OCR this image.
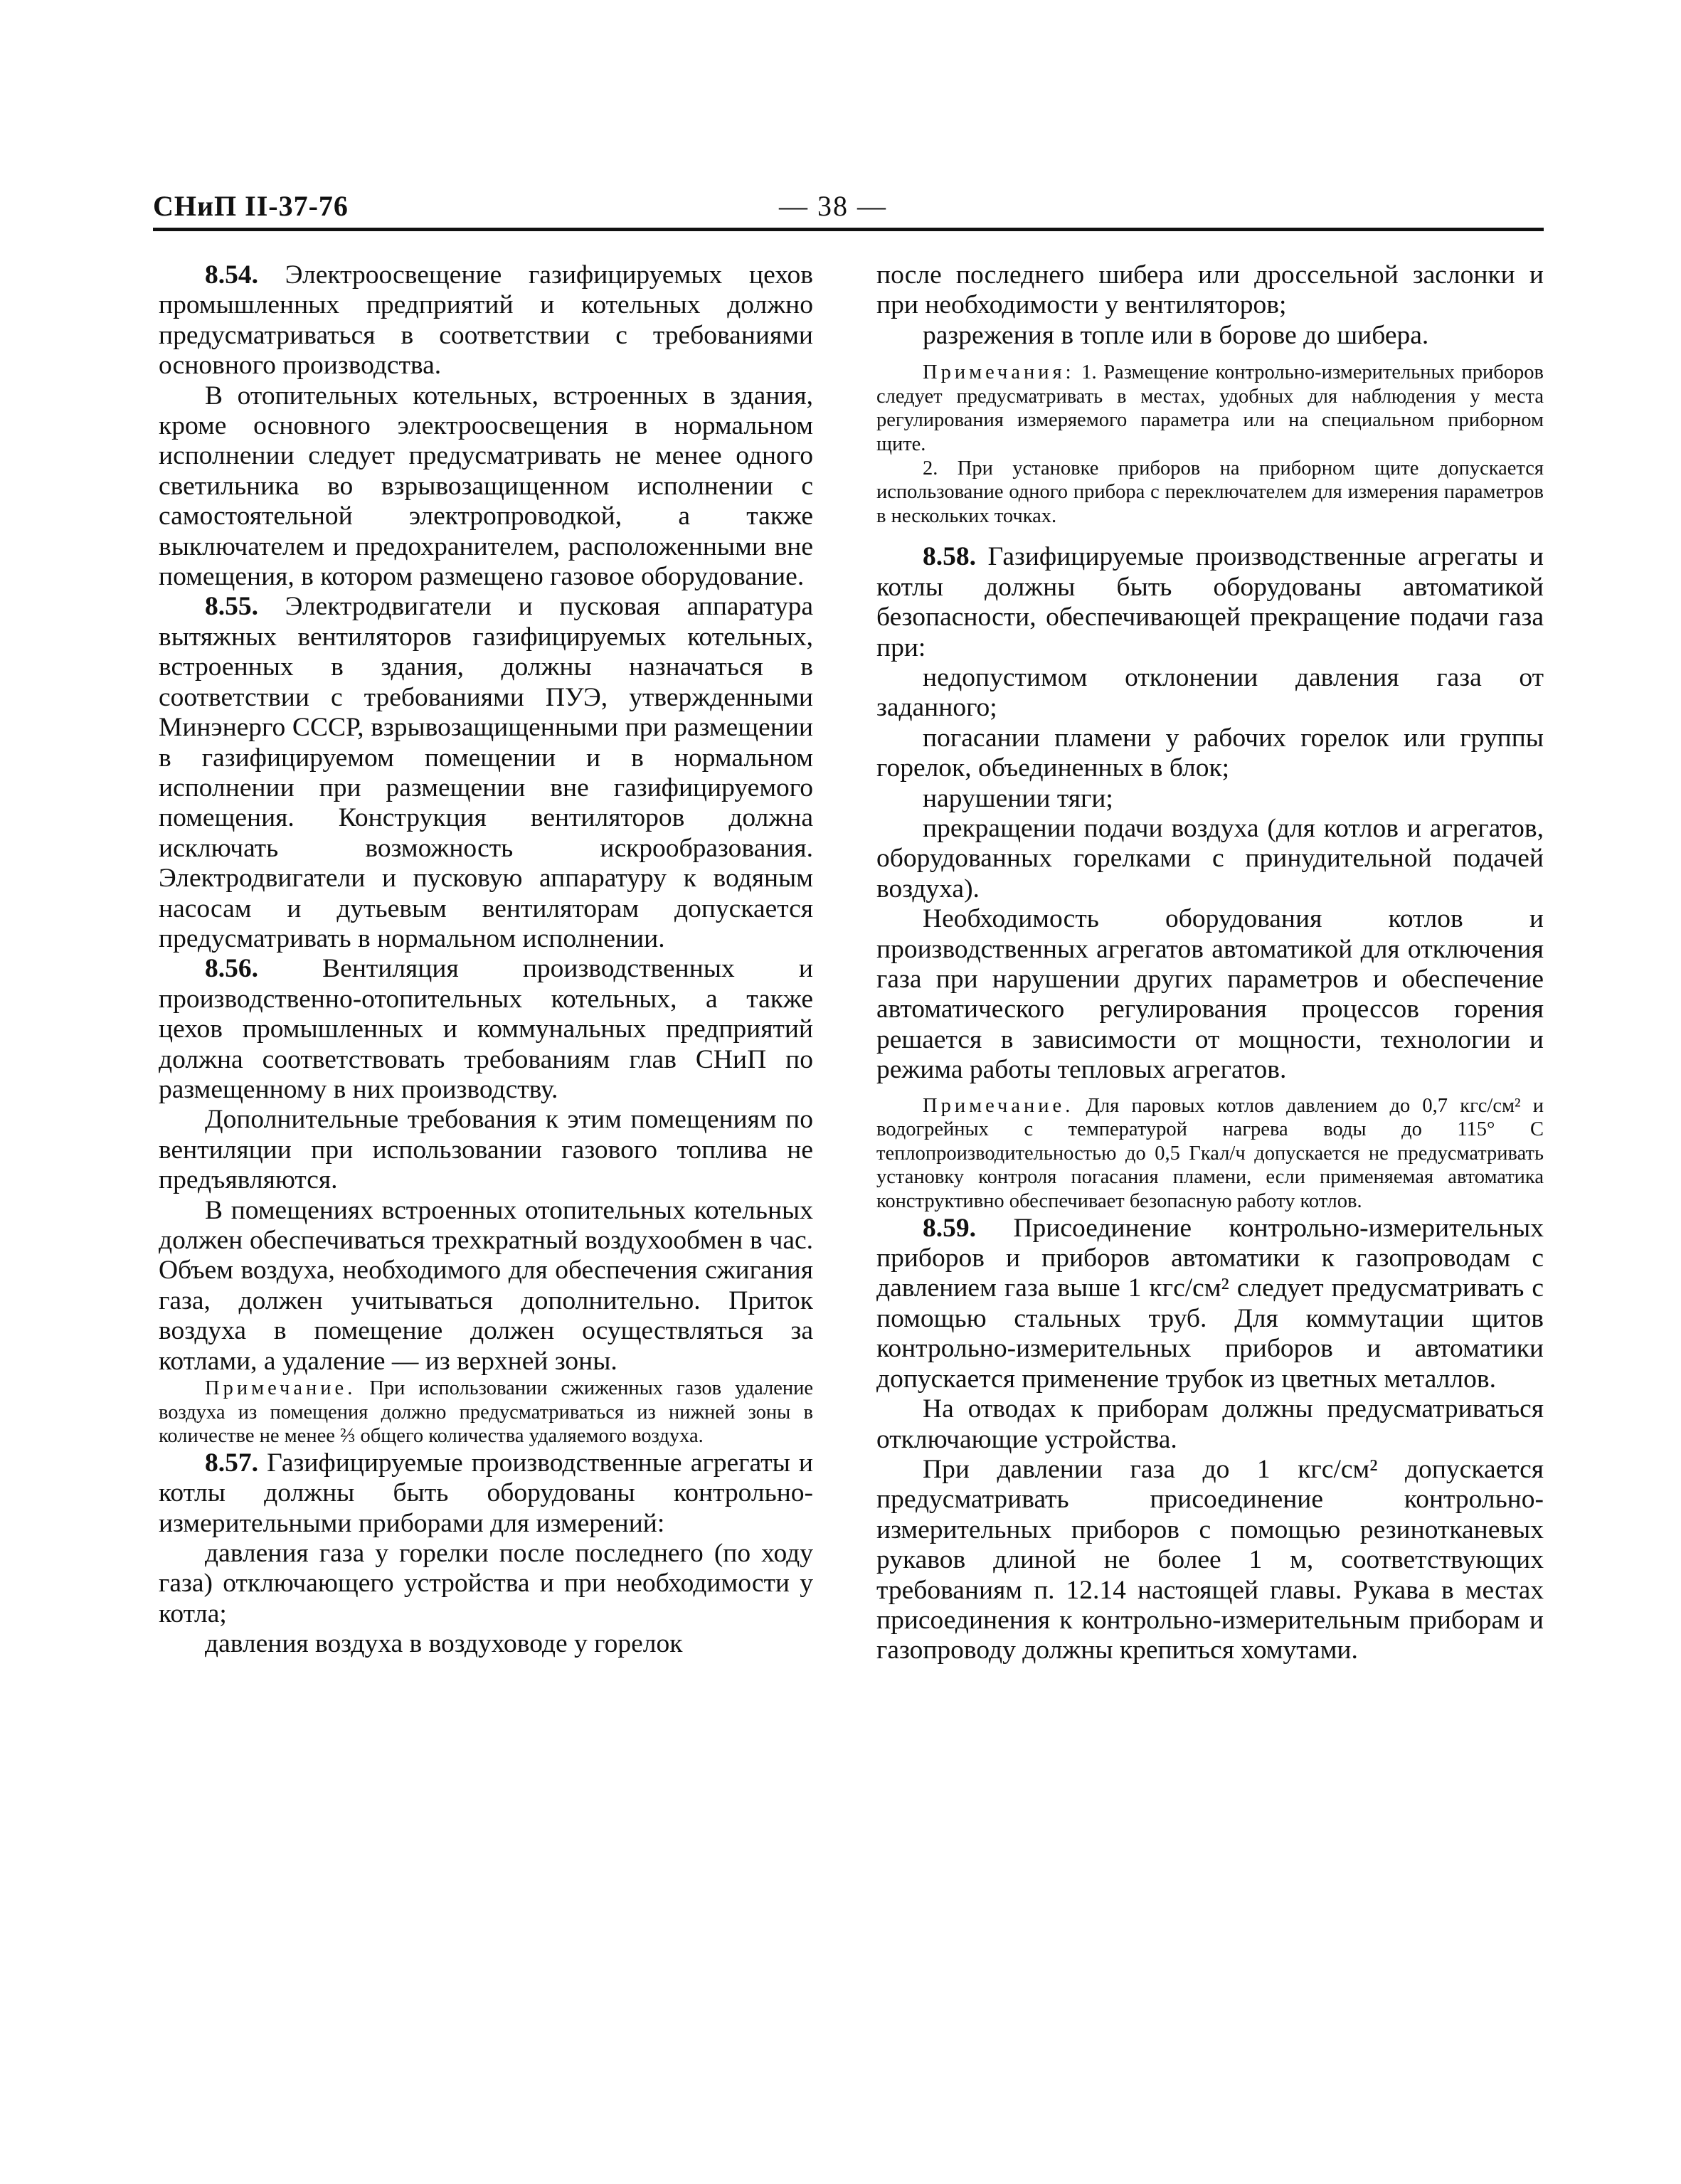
СНиП II-37-76	— 38 —

8.54. Электроосвещение газифицируемых цехов промышленных предприятий и котельных должно предусматриваться в соответствии с требованиями основного производства.

В отопительных котельных, встроенных в здания, кроме основного электроосвещения в нормальном исполнении следует предусматривать не менее одного светильника во взрывозащищенном исполнении с самостоятельной электропроводкой, а также выключателем и предохранителем, расположенными вне помещения, в котором размещено газовое оборудование.

8.55. Электродвигатели и пусковая аппаратура вытяжных вентиляторов газифицируемых котельных, встроенных в здания, должны назначаться в соответствии с требованиями ПУЭ, утвержденными Минэнерго СССР, взрывозащищенными при размещении в газифицируемом помещении и в нормальном исполнении при размещении вне газифицируемого помещения. Конструкция вентиляторов должна исключать возможность искрообразования. Электродвигатели и пусковую аппаратуру к водяным насосам и дутьевым вентиляторам допускается предусматривать в нормальном исполнении.

8.56. Вентиляция производственных и производственно-отопительных котельных, а также цехов промышленных и коммунальных предприятий должна соответствовать требованиям глав СНиП по размещенному в них производству.

Дополнительные требования к этим помещениям по вентиляции при использовании газового топлива не предъявляются.

В помещениях встроенных отопительных котельных должен обеспечиваться трехкратный воздухообмен в час. Объем воздуха, необходимого для обеспечения сжигания газа, должен учитываться дополнительно. Приток воздуха в помещение должен осуществляться за котлами, а удаление — из верхней зоны.

Примечание. При использовании сжиженных газов удаление воздуха из помещения должно предусматриваться из нижней зоны в количестве не менее ⅔ общего количества удаляемого воздуха.

8.57. Газифицируемые производственные агрегаты и котлы должны быть оборудованы контрольно-измерительными приборами для измерений:

давления газа у горелки после последнего (по ходу газа) отключающего устройства и при необходимости у котла;

давления воздуха в воздуховоде у горелок

после последнего шибера или дроссельной заслонки и при необходимости у вентиляторов;

разрежения в топле или в борове до шибера.

Примечания: 1. Размещение контрольно-измерительных приборов следует предусматривать в местах, удобных для наблюдения у места регулирования измеряемого параметра или на специальном приборном щите.

2. При установке приборов на приборном щите допускается использование одного прибора с переключателем для измерения параметров в нескольких точках.

8.58. Газифицируемые производственные агрегаты и котлы должны быть оборудованы автоматикой безопасности, обеспечивающей прекращение подачи газа при:

недопустимом отклонении давления газа от заданного;

погасании пламени у рабочих горелок или группы горелок, объединенных в блок;

нарушении тяги;

прекращении подачи воздуха (для котлов и агрегатов, оборудованных горелками с принудительной подачей воздуха).

Необходимость оборудования котлов и производственных агрегатов автоматикой для отключения газа при нарушении других параметров и обеспечение автоматического регулирования процессов горения решается в зависимости от мощности, технологии и режима работы тепловых агрегатов.

Примечание. Для паровых котлов давлением до 0,7 кгс/см² и водогрейных с температурой нагрева воды до 115° С теплопроизводительностью до 0,5 Гкал/ч допускается не предусматривать установку контроля погасания пламени, если применяемая автоматика конструктивно обеспечивает безопасную работу котлов.

8.59. Присоединение контрольно-измерительных приборов и приборов автоматики к газопроводам с давлением газа выше 1 кгс/см² следует предусматривать с помощью стальных труб. Для коммутации щитов контрольно-измерительных приборов и автоматики допускается применение трубок из цветных металлов.

На отводах к приборам должны предусматриваться отключающие устройства.

При давлении газа до 1 кгс/см² допускается предусматривать присоединение контрольно-измерительных приборов с помощью резинотканевых рукавов длиной не более 1 м, соответствующих требованиям п. 12.14 настоящей главы. Рукава в местах присоединения к контрольно-измерительным приборам и газопроводу должны крепиться хомутами.
